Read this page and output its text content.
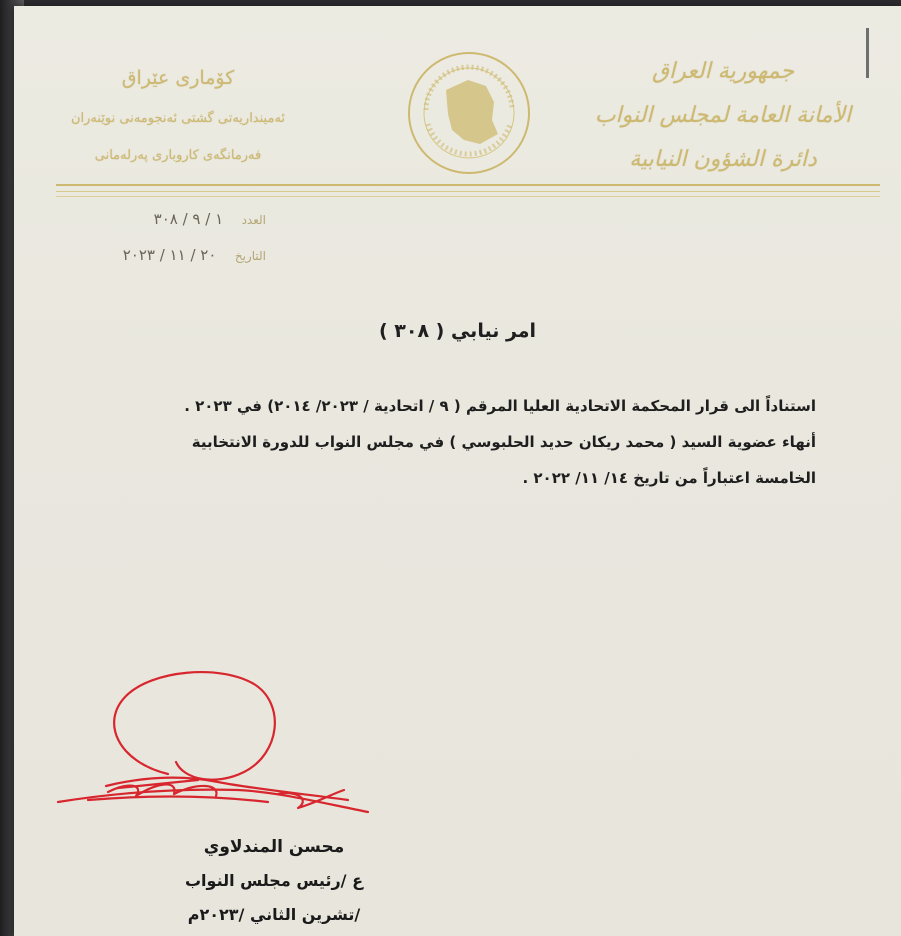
جمهورية العراق
الأمانة العامة لمجلس النواب
دائرة الشؤون النيابية
كۆماری عێراق
ئەمینداریەتی گشتی ئەنجومەنی نوێنەران
فەرمانگەی کاروباری پەرلەمانی
العدد ١ / ٩ / ٣٠٨
التاريخ ٢٠ / ١١ / ٢٠٢٣
امر نيابي ( ٣٠٨ )
استناداً الى قرار المحكمة الاتحادية العليا المرقم ( ٩ / اتحادية / ٢٠٢٣/ ٢٠١٤) في ٢٠٢٣ .
أنهاء عضوية السيد ( محمد ريكان حديد الحلبوسي ) في مجلس النواب للدورة الانتخابية
الخامسة اعتباراً من تاريخ ١٤/ ١١/ ٢٠٢٢ .
محسن المندلاوي
ع /رئيس مجلس النواب
/تشرين الثاني /٢٠٢٣م
